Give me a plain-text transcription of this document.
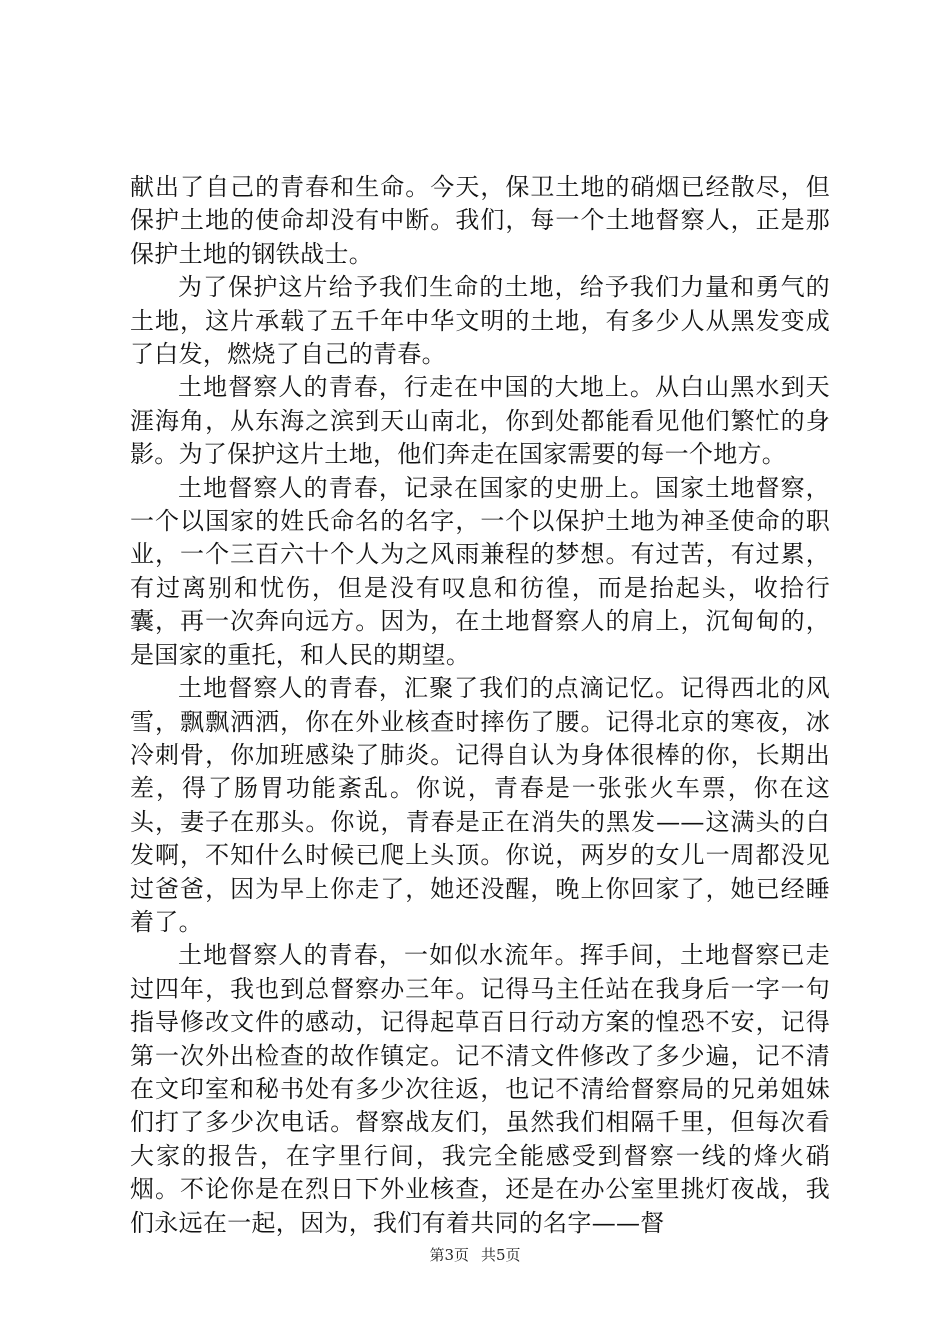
献出了自己的青春和生命。今天，保卫土地的硝烟已经散尽，但保护土地的使命却没有中断。我们，每一个土地督察人，正是那保护土地的钢铁战士。

为了保护这片给予我们生命的土地，给予我们力量和勇气的土地，这片承载了五千年中华文明的土地，有多少人从黑发变成了白发，燃烧了自己的青春。

土地督察人的青春，行走在中国的大地上。从白山黑水到天涯海角，从东海之滨到天山南北，你到处都能看见他们繁忙的身影。为了保护这片土地，他们奔走在国家需要的每一个地方。

土地督察人的青春，记录在国家的史册上。国家土地督察，一个以国家的姓氏命名的名字，一个以保护土地为神圣使命的职业，一个三百六十个人为之风雨兼程的梦想。有过苦，有过累，有过离别和忧伤，但是没有叹息和彷徨，而是抬起头，收拾行囊，再一次奔向远方。因为，在土地督察人的肩上，沉甸甸的，是国家的重托，和人民的期望。

土地督察人的青春，汇聚了我们的点滴记忆。记得西北的风雪，飘飘洒洒，你在外业核查时摔伤了腰。记得北京的寒夜，冰冷刺骨，你加班感染了肺炎。记得自认为身体很棒的你，长期出差，得了肠胃功能紊乱。你说，青春是一张张火车票，你在这头，妻子在那头。你说，青春是正在消失的黑发——这满头的白发啊，不知什么时候已爬上头顶。你说，两岁的女儿一周都没见过爸爸，因为早上你走了，她还没醒，晚上你回家了，她已经睡着了。

土地督察人的青春，一如似水流年。挥手间，土地督察已走过四年，我也到总督察办三年。记得马主任站在我身后一字一句指导修改文件的感动，记得起草百日行动方案的惶恐不安，记得第一次外出检查的故作镇定。记不清文件修改了多少遍，记不清在文印室和秘书处有多少次往返，也记不清给督察局的兄弟姐妹们打了多少次电话。督察战友们，虽然我们相隔千里，但每次看大家的报告，在字里行间，我完全能感受到督察一线的烽火硝烟。不论你是在烈日下外业核查，还是在办公室里挑灯夜战，我们永远在一起，因为，我们有着共同的名字——督

第3页 共5页
